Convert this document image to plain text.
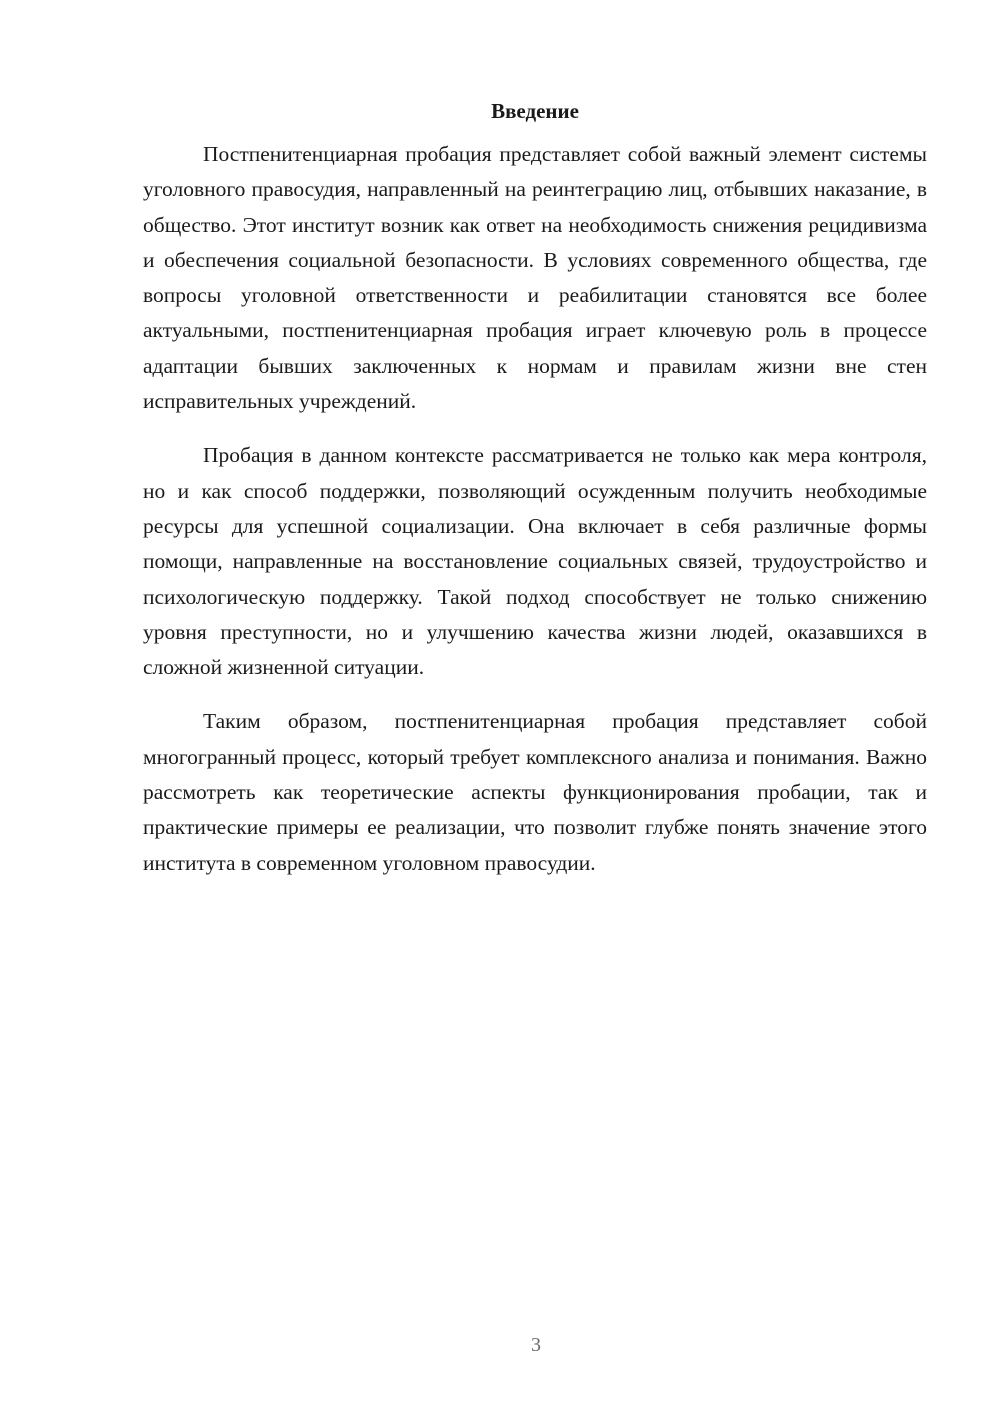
Введение

Постпенитенциарная пробация представляет собой важный элемент системы уголовного правосудия, направленный на реинтеграцию лиц, отбывших наказание, в общество. Этот институт возник как ответ на необходимость снижения рецидивизма и обеспечения социальной безопасности. В условиях современного общества, где вопросы уголовной ответственности и реабилитации становятся все более актуальными, постпенитенциарная пробация играет ключевую роль в процессе адаптации бывших заключенных к нормам и правилам жизни вне стен исправительных учреждений.

Пробация в данном контексте рассматривается не только как мера контроля, но и как способ поддержки, позволяющий осужденным получить необходимые ресурсы для успешной социализации. Она включает в себя различные формы помощи, направленные на восстановление социальных связей, трудоустройство и психологическую поддержку. Такой подход способствует не только снижению уровня преступности, но и улучшению качества жизни людей, оказавшихся в сложной жизненной ситуации.

Таким образом, постпенитенциарная пробация представляет собой многогранный процесс, который требует комплексного анализа и понимания. Важно рассмотреть как теоретические аспекты функционирования пробации, так и практические примеры ее реализации, что позволит глубже понять значение этого института в современном уголовном правосудии.

3
